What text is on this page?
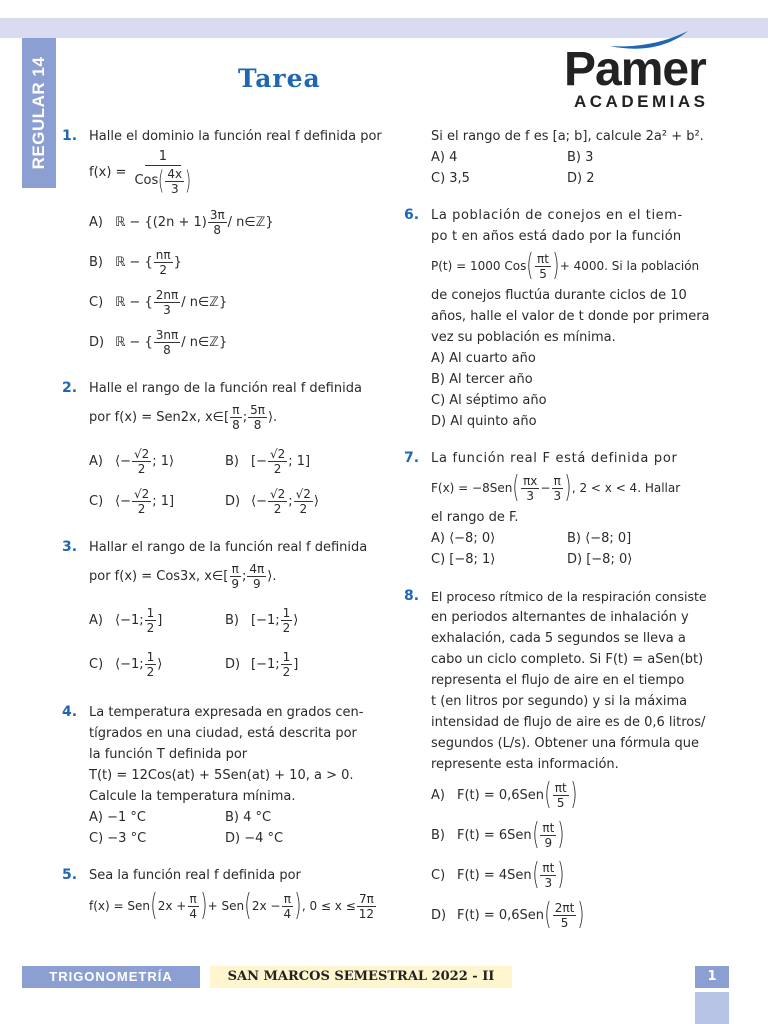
REGULAR 14	Tarea	Pamer
ACADEMIAS
1. Halle el dominio la función real f definida por
$f(x) = \frac{1}{Cos ( \frac{4x}{3} )}$
A) ℝ − {$(2n + 1) \frac{3\pi}{8}$ / n∈ℤ}
B) ℝ − { $\frac{n\pi}{2}$ }
C) ℝ − { $\frac{2n\pi}{3}$ / n∈ℤ}
D) ℝ − { $\frac{3n\pi}{8}$ / n∈ℤ}
2. Halle el rango de la función real f definida
por f(x) = Sen2x, x∈[ $\frac{\pi}{8}$ ; $\frac{5\pi}{8}$ ⟩.
A) ⟨− $\frac{√2}{2}$ ; 1⟩	B) [− $\frac{√2}{2}$ ; 1]
C) ⟨− $\frac{√2}{2}$ ; 1]	D) ⟨− $\frac{√2}{2}$ ; $\frac{√2}{2}$ ⟩
3. Hallar el rango de la función real f definida
por f(x) = Cos3x, x∈[ $\frac{\pi}{9}$ ; $\frac{4\pi}{9}$ ⟩.
A) ⟨−1; $\frac{1}{2}$ ]	B) [−1; $\frac{1}{2}$ ⟩
C) ⟨−1; $\frac{1}{2}$ ⟩	D) [−1; $\frac{1}{2}$ ]
4. La temperatura expresada en grados cen-
tígrados en una ciudad, está descrita por
la función T definida por
T(t) = 12Cos(at) + 5Sen(at) + 10, a > 0.
Calcule la temperatura mínima.
A) −1 °C	B) 4 °C
C) −3 °C	D) −4 °C
5. Sea la función real f definida por
f(x) = Sen ( $2x + \frac{\pi}{4}$ ) + Sen ( $2x - \frac{\pi}{4}$ ) , $0 \le x \le \frac{7\pi}{12}$
Si el rango de f es [a; b], calcule 2a² + b².
A) 4	B) 3
C) 3,5	D) 2
6. La población de conejos en el tiem-
po t en años está dado por la función
P(t) = 1000 Cos ( $\frac{\pi t}{5}$ ) + 4000. Si la población
de conejos fluctúa durante ciclos de 10
años, halle el valor de t donde por primera
vez su población es mínima.
A) Al cuarto año
B) Al tercer año
C) Al séptimo año
D) Al quinto año
7. La función real F está definida por
F(x) = −8Sen ( $\frac{\pi x}{3} - \frac{\pi}{3}$ ) , 2 < x < 4. Hallar
el rango de F.
A) ⟨−8; 0⟩	B) ⟨−8; 0]
C) [−8; 1⟩	D) [−8; 0⟩
8. El proceso rítmico de la respiración consiste
en periodos alternantes de inhalación y
exhalación, cada 5 segundos se lleva a
cabo un ciclo completo. Si F(t) = aSen(bt)
representa el flujo de aire en el tiempo
t (en litros por segundo) y si la máxima
intensidad de flujo de aire es de 0,6 litros/
segundos (L/s). Obtener una fórmula que
represente esta información.
A) F(t) = 0,6Sen ( $\frac{\pi t}{5}$ )
B) F(t) = 6Sen ( $\frac{\pi t}{9}$ )
C) F(t) = 4Sen ( $\frac{\pi t}{3}$ )
D) F(t) = 0,6Sen ( $\frac{2\pi t}{5}$ )
TRIGONOMETRÍA	SAN MARCOS SEMESTRAL 2022 - II	1
